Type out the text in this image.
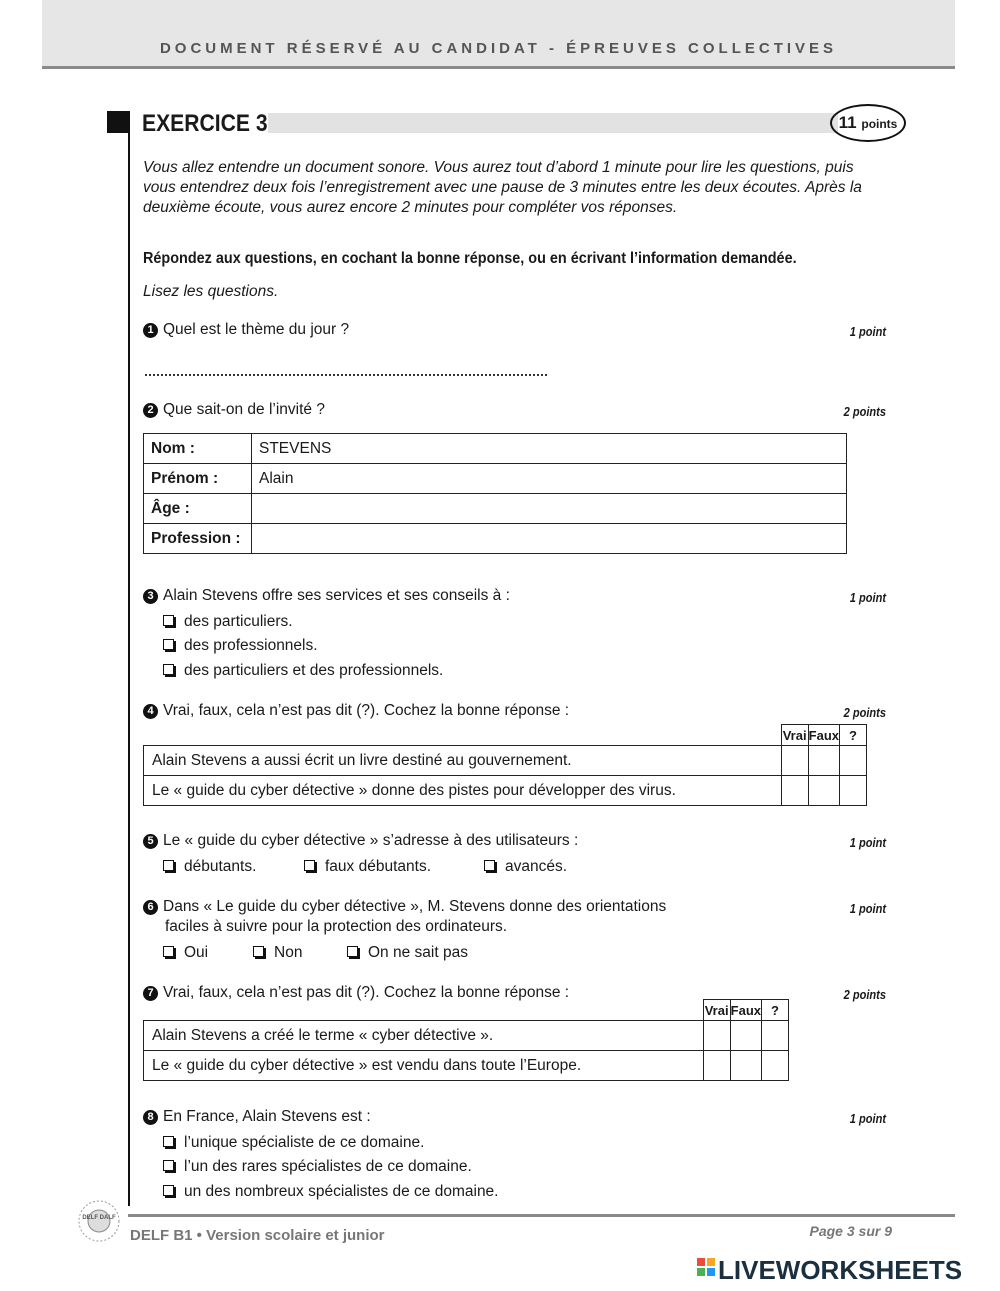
DOCUMENT RÉSERVÉ AU CANDIDAT - ÉPREUVES COLLECTIVES
EXERCICE 3	11 points
Vous allez entendre un document sonore. Vous aurez tout d’abord 1 minute pour lire les questions, puis vous entendrez deux fois l’enregistrement avec une pause de 3 minutes entre les deux écoutes. Après la deuxième écoute, vous aurez encore 2 minutes pour compléter vos réponses.
Répondez aux questions, en cochant la bonne réponse, ou en écrivant l’information demandée.
Lisez les questions.
1 Quel est le thème du jour ?	1 point
2 Que sait-on de l’invité ?	2 points
Nom :	STEVENS
Prénom :	Alain
Âge :	
Profession :	
3 Alain Stevens offre ses services et ses conseils à :	1 point
des particuliers.
des professionnels.
des particuliers et des professionnels.
4 Vrai, faux, cela n’est pas dit (?). Cochez la bonne réponse :	2 points
	Vrai	Faux	?
Alain Stevens a aussi écrit un livre destiné au gouvernement.			
Le « guide du cyber détective » donne des pistes pour développer des virus.			
5 Le « guide du cyber détective » s’adresse à des utilisateurs :	1 point
débutants.	faux débutants.	avancés.
6 Dans « Le guide du cyber détective », M. Stevens donne des orientations
faciles à suivre pour la protection des ordinateurs.
1 point
Oui	Non	On ne sait pas
7 Vrai, faux, cela n’est pas dit (?). Cochez la bonne réponse :	2 points
	Vrai	Faux	?
Alain Stevens a créé le terme « cyber détective ».			
Le « guide du cyber détective » est vendu dans toute l’Europe.			
8 En France, Alain Stevens est :	1 point
l’unique spécialiste de ce domaine.
l’un des rares spécialistes de ce domaine.
un des nombreux spécialistes de ce domaine.
DELF DALF
DELF B1 • Version scolaire et junior	Page 3 sur 9

LIVEWORKSHEETS
